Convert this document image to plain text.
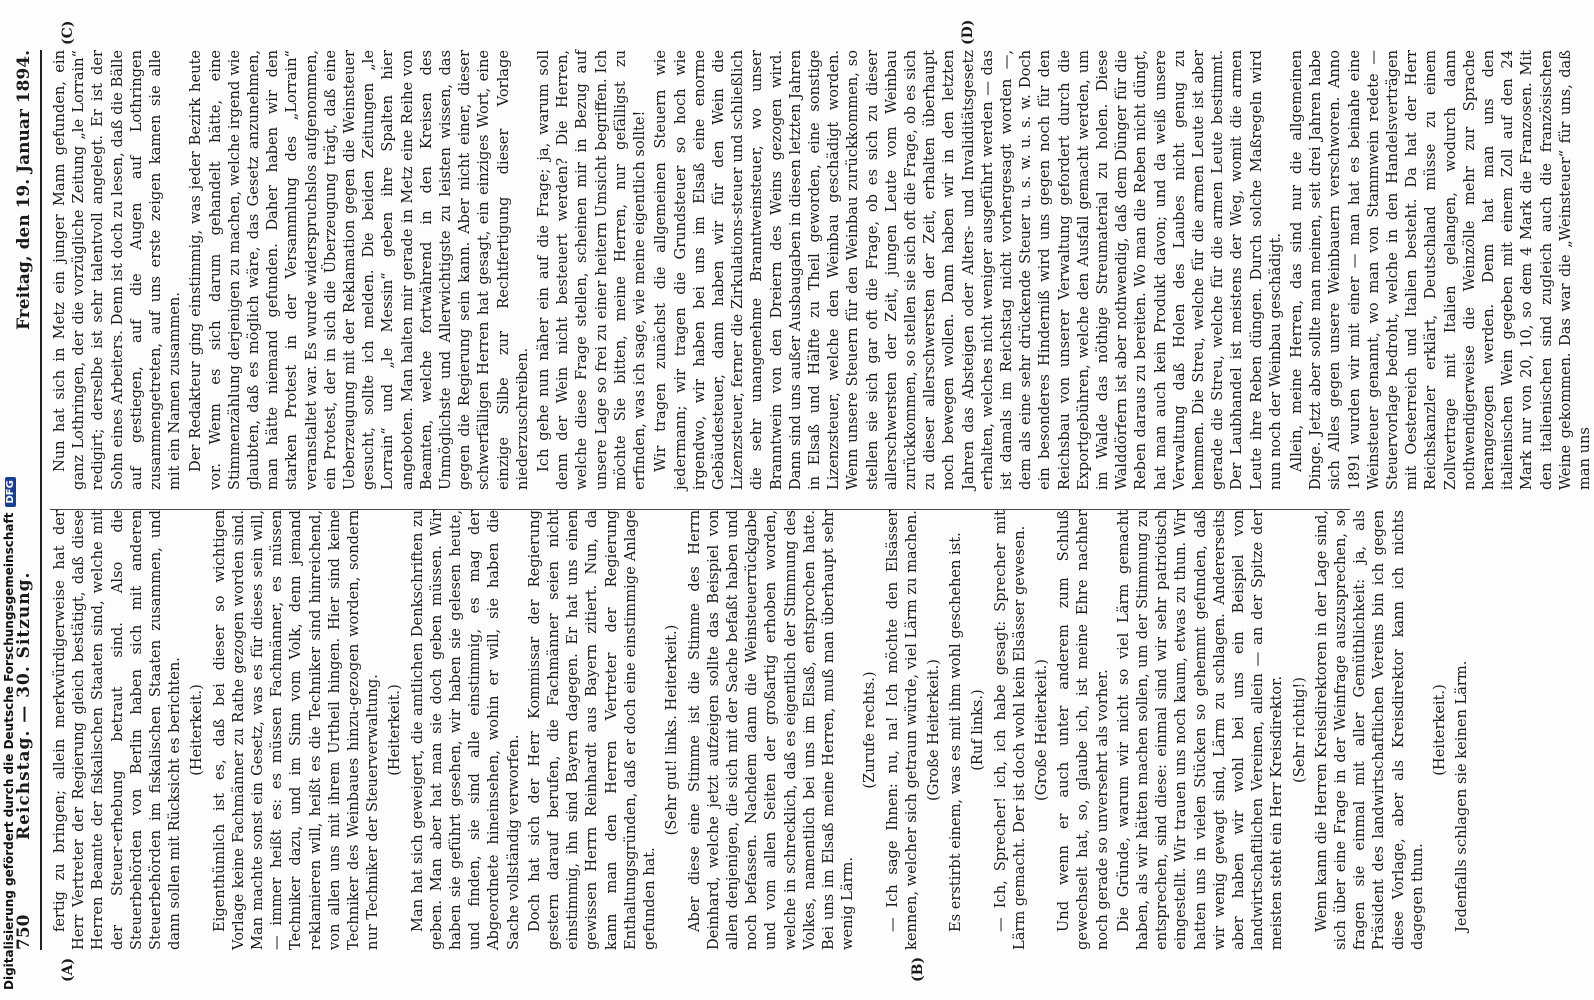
750
Reichstag. — 30. Sitzung.
Freitag, den 19. Januar 1894.
(A)	(B)
(C)	(D)

fertig zu bringen; allein merkwürdigerweise hat der Herr Vertreter der Regierung gleich bestätigt, daß diese Herren Beamte der fiskalischen Staaten sind, welche mit der Steuer-erhebung betraut sind. Also die Steuerbehörden von Berlin haben sich mit anderen Steuerbehörden im fiskalischen Staaten zusammen, und dann sollen mit Rücksicht es berichten. (Heiterkeit.) Eigenthümlich ist es, daß bei dieser so wichtigen Vorlage keine Fachmänner zu Rathe gezogen worden sind. Man machte sonst ein Gesetz, was es für dieses sein will, — immer heißt es: es müssen Fachmänner, es müssen Techniker dazu, und im Sinn vom Volk, denn jemand reklamieren will, heißt es die Techniker sind hinreichend, von allen uns mit ihrem Urtheil hingen. Hier sind keine Techniker des Weinbaues hinzu-gezogen worden, sondern nur Techniker der Steuerverwaltung. (Heiterkeit.) Man hat sich geweigert, die amtlichen Denkschriften zu geben. Man aber hat man sie doch geben müssen. Wir haben sie geführt gesehen, wir haben sie gelesen heute, und finden, sie sind alle einstimmig, es mag der Abgeordnete hineinsehen, wohin er will, sie haben die Sache vollständig verworfen. Doch hat sich der Herr Kommissar der Regierung gestern darauf berufen, die Fachmänner seien nicht einstimmig, ihn sind Bayern dagegen. Er hat uns einen gewissen Herrn Reinhardt aus Bayern zitiert. Nun, da kann man den Herren Vertreter der Regierung Enthaltungsgründen, daß er doch eine einstimmige Anlage gefunden hat.

(Sehr gut! links. Heiterkeit.) Aber diese eine Stimme ist die Stimme des Herrn Deinhard, welche jetzt aufzeigen sollte das Beispiel von allen denjenigen, die sich mit der Sache befaßt haben und noch befassen. Nachdem dann die Weinsteuerrückgabe und vom allen Seiten der großartig erhoben worden, welche in schrecklich, daß es eigentlich der Stimmung des Volkes, namentlich bei uns im Elsaß, entsprochen hatte. Bei uns im Elsaß meine Herren, muß man überhaupt sehr wenig Lärm.

(Zurufe rechts.) — Ich sage Ihnen: nu, na! Ich möchte den Elsässer kennen, welcher sich getraun würde, viel Lärm zu machen. (Große Heiterkeit.) Es erstirbt einem, was es mit ihm wohl geschehen ist. (Ruf links.) — Ich, Sprecher! ich, ich habe gesagt: Sprecher mit Lärm gemacht. Der ist doch wohl kein Elsässer gewesen. (Große Heiterkeit.) Und wenn er auch unter anderem zum Schluß gewechselt hat, so, glaube ich, ist meine Ehre nachher noch gerade so unversehrt als vorher. Die Gründe, warum wir nicht so viel Lärm gemacht haben, als wir hätten machen sollen, um der Stimmung zu entsprechen, sind diese: einmal sind wir sehr patriotisch eingestellt. Wir trauen uns noch kaum, etwas zu thun. Wir hatten uns in vielen Stücken so gehemmt gefunden, daß wir wenig gewagt sind, Lärm zu schlagen. Andererseits aber haben wir wohl bei uns ein Beispiel von landwirtschaftlichen Vereinen, allein — an der Spitze der meisten steht ein Herr Kreisdirektor. (Sehr richtig!) Wenn kann die Herren Kreisdirektoren in der Lage sind, sich über eine Frage in der Weinfrage auszusprechen, so fragen sie einmal mit aller Gemüthlichkeit: ja, als Präsident des landwirtschaftlichen Vereins bin ich gegen diese Vorlage, aber als Kreisdirektor kann ich nichts dagegen thun.

(Heiterkeit.) Jedenfalls schlagen sie keinen Lärm.

Nun hat sich in Metz ein junger Mann gefunden, ein ganz Lothringen, der die vorzügliche Zeitung „le Lorrain“ redigirt; derselbe ist sehr talentvoll angelegt. Er ist der Sohn eines Arbeiters. Denn ist doch zu lesen, daß die Bälle auf gestiegen, auf die Augen auf Lothringen zusammengetreten, auf uns erste zeigen kamen sie alle mit ein Namen zusammen. Der Redakteur ging einstimmig, was jeder Bezirk heute vor. Wenn es sich darum gehandelt hätte, eine Stimmenzählung derjenigen zu machen, welche irgend wie glaubten, daß es möglich wäre, das Gesetz anzunehmen, man hätte niemand gefunden. Daher haben wir den starken Protest in der Versammlung des „Lorrain“ veranstaltet war. Es wurde widerspruchslos aufgenommen, ein Protest, der in sich die Überzeugung trägt, daß eine Ueberzeugung mit der Reklamation gegen die Weinsteuer gesucht, sollte ich melden. Die beiden Zeitungen „le Lorrain“ und „le Messin“ geben ihre Spalten hier angeboten. Man halten mir gerade in Metz eine Reihe von Beamten, welche fortwährend in den Kreisen des Unmöglichste und Allerwichtigste zu leisten wissen, das gegen die Regierung sein kann. Aber nicht einer, dieser schwerfälligen Herren hat gesagt, ein einziges Wort, eine einzige Silbe zur Rechtfertigung dieser Vorlage niederzuschreiben. Ich gehe nun näher ein auf die Frage; ja, warum soll denn der Wein nicht besteuert werden? Die Herren, welche diese Frage stellen, scheinen mir in Bezug auf unsere Lage so frei zu einer heitern Umsicht begriffen. Ich möchte Sie bitten, meine Herren, nur gefälligst zu erfinden, was ich sage, wie meine eigentlich sollte! Wir tragen zunächst die allgemeinen Steuern wie jedermann; wir tragen die Grundsteuer so hoch wie irgendwo, wir haben bei uns im Elsaß eine enorme Gebäudesteuer, dann haben wir für den Wein die Lizenzsteuer, ferner die Zirkulations-steuer und schließlich die sehr unangenehme Branntweinsteuer, wo unser Branntwein von den Dreiern des Weins gezogen wird. Dann sind uns außer Ausbaugaben in diesen letzten Jahren in Elsaß und Hälfte zu Theil geworden, eine sonstige Lizenzsteuer, welche den Weinbau geschädigt worden. Wenn unsere Steuern für den Weinbau zurückkommen, so stellen sie sich gar oft die Frage, ob es sich zu dieser allerschwersten der Zeit, jungen Leute vom Weinbau zurückkommen, so stellen sie sich oft die Frage, ob es sich zu dieser allerschwersten der Zeit, erhalten überhaupt noch bewegen wollen. Dann haben wir in den letzten Jahren das Absteigen oder Alters- und Invaliditätsgesetz erhalten, welches nicht weniger ausgeführt werden — das ist damals im Reichstag nicht vorhergesagt worden —, dem als eine sehr drückende Steuer u. s. w. u. s. w. Doch ein besonderes Hinderniß wird uns gegen noch für den Reichsbau von unserer Verwaltung gefordert durch die Exportgebühren, welche den Ausfall gemacht werden, um im Walde das nöthige Streumaterial zu holen. Diese Walddörfern ist aber nothwendig, daß dem Dünger für die Reben daraus zu bereiten. Wo man die Reben nicht düngt, hat man auch kein Produkt davon; und da weiß unsere Verwaltung daß Holen des Laubes nicht genug zu hemmen. Die Streu, welche für die armen Leute ist aber gerade die Streu, welche für die armen Leute bestimmt. Der Laubhandel ist meistens der Weg, womit die armen Leute ihre Reben düngen. Durch solche Maßregeln wird nun noch der Weinbau geschädigt. Allein, meine Herren, das sind nur die allgemeinen Dinge. Jetzt aber sollte man meinen, seit drei Jahren habe sich Alles gegen unsere Weinbauern verschworen. Anno 1891 wurden wir mit einer — man hat es beinahe eine Weinsteuer genannt, wo man von Stammwein redete — Steuervorlage bedroht, welche in den Handelsverträgen mit Oesterreich und Italien besteht. Da hat der Herr Reichskanzler erklärt, Deutschland müsse zu einem Zollvertrage mit Italien gelangen, wodurch dann nothwendigerweise die Weinzölle mehr zur Sprache herangezogen werden. Denn hat man uns den italienischen Wein gegeben mit einem Zoll auf den 24 Mark nur von 20, 10, so dem 4 Mark die Franzosen. Mit den italienischen sind zugleich auch die französischen Weine gekommen. Das war die „Weinsteuer“ für uns, daß man uns

Digitalisierung gefördert durch die Deutsche ForschungsgemeinschaftDFG
